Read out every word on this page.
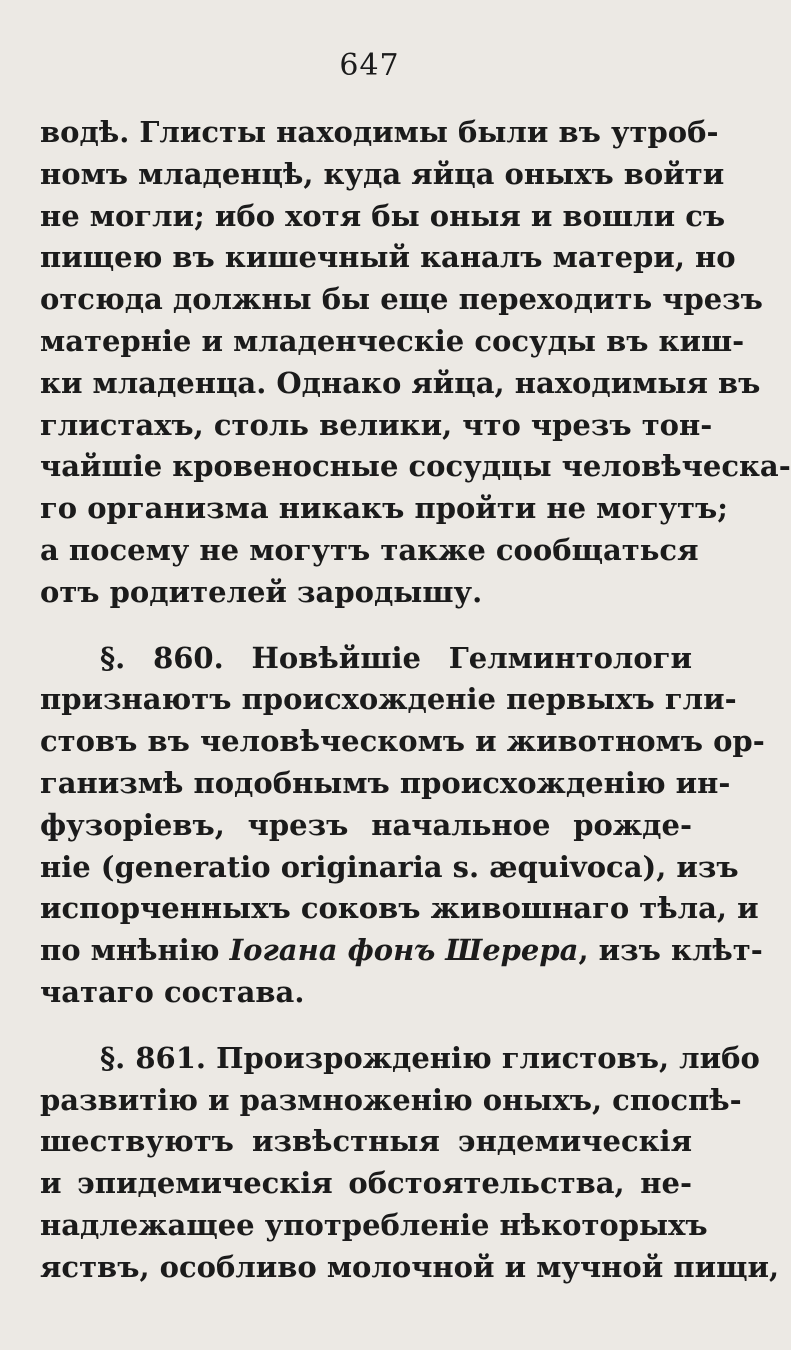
647
водѣ. Глисты находимы были въ утроб-
номъ младенцѣ, куда яйца оныхъ войти
не могли; ибо хотя бы оныя и вошли съ
пищею въ кишечный каналъ матери, но
отсюда должны бы еще переходить чрезъ
матерніе и младенческіе сосуды въ киш-
ки младенца. Однако яйца, находимыя въ
глистахъ, столь велики, что чрезъ тон-
чайшіе кровеносные сосудцы человѣческа-
го организма никакъ пройти не могутъ;
а посему не могутъ также сообщаться
отъ родителей зародышу.
§. 860. Новѣйшіе Гелминтологи
признаютъ происхожденіе первыхъ гли-
стовъ въ человѣческомъ и животномъ ор-
ганизмѣ подобнымъ происхожденію ин-
фузоріевъ, чрезъ начальное рожде-
ніе (generatio originaria s. æquivoca), изъ
испорченныхъ соковъ живошнаго тѣла, и
по мнѣнію Іогана фонъ Шерера, изъ клѣт-
чатаго состава.
§. 861. Произрожденію глистовъ, либо
развитію и размноженію оныхъ, споспѣ-
шествуютъ извѣстныя эндемическія
и эпидемическія обстоятельства, не-
надлежащее употребленіе нѣкоторыхъ
яствъ, особливо молочной и мучной пищи,
